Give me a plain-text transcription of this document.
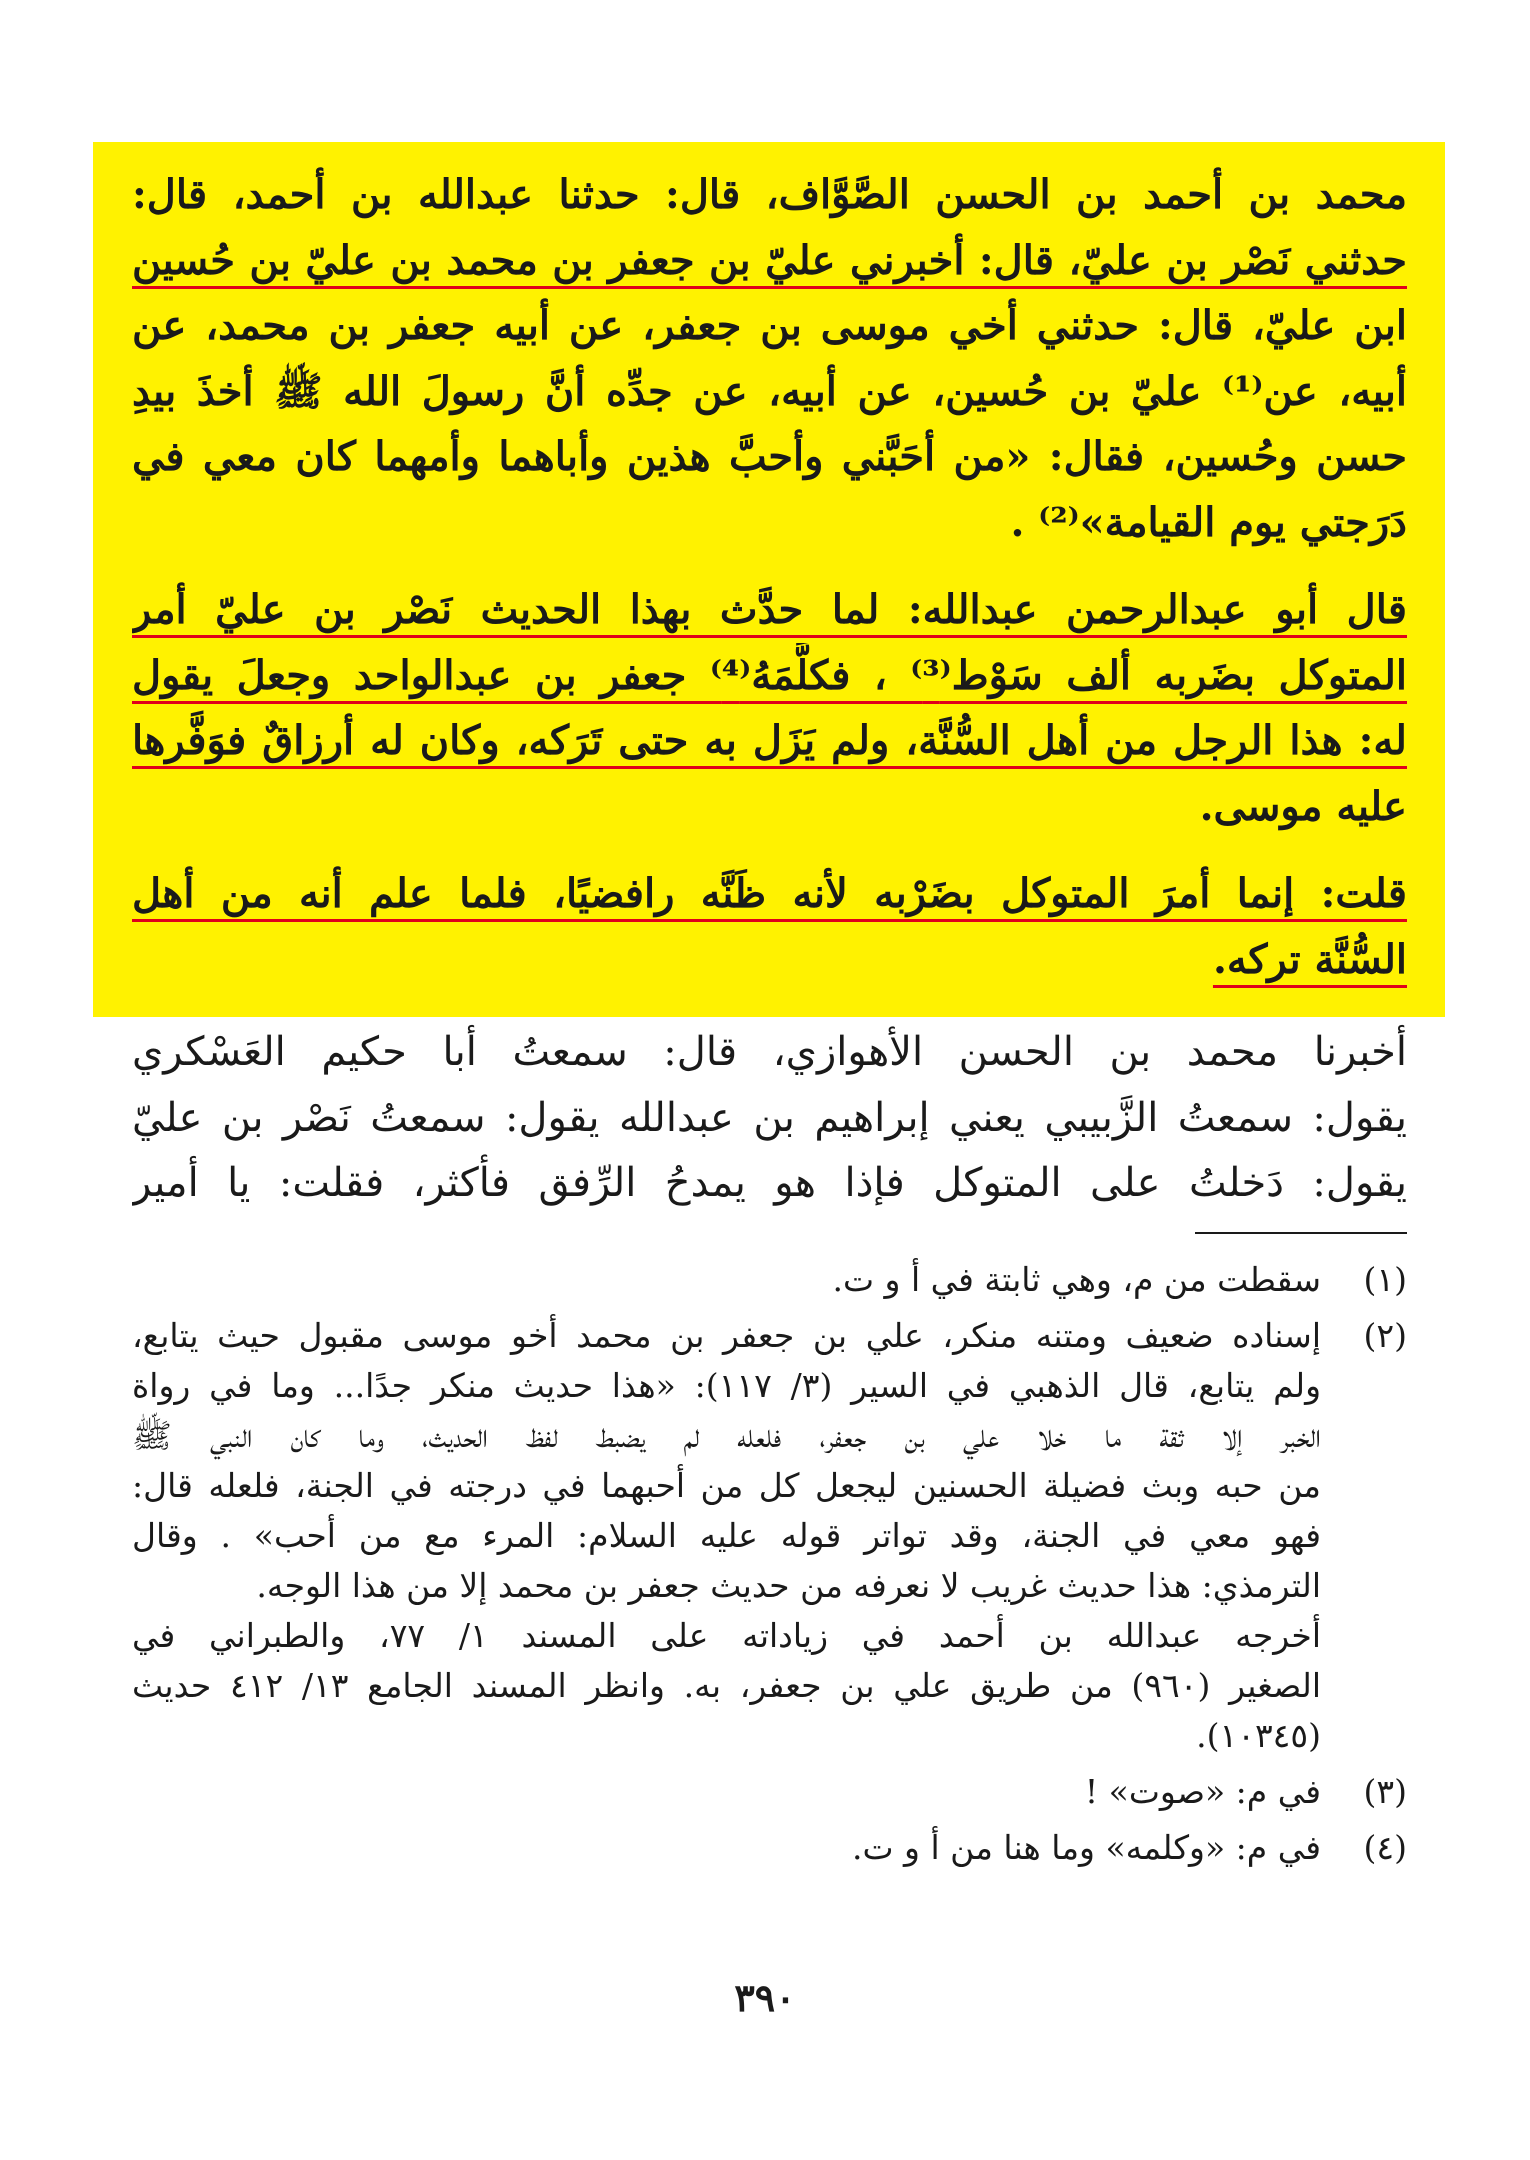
محمد بن أحمد بن الحسن الصَّوَّاف، قال: حدثنا عبدالله بن أحمد، قال:
حدثني نَصْر بن عليّ، قال: أخبرني عليّ بن جعفر بن محمد بن عليّ بن حُسين
ابن عليّ، قال: حدثني أخي موسى بن جعفر، عن أبيه جعفر بن محمد، عن
أبيه، عن⁽¹⁾ عليّ بن حُسين، عن أبيه، عن جدِّه أنَّ رسولَ الله ﷺ أخذَ بيدِ
حسن وحُسين، فقال: «من أحَبَّني وأحبَّ هذين وأباهما وأمهما كان معي في
دَرَجتي يوم القيامة»⁽²⁾ .
قال أبو عبدالرحمن عبدالله: لما حدَّث بهذا الحديث نَصْر بن عليّ أمر
المتوكل بضَربه ألف سَوْط⁽³⁾ ، فكلَّمَهُ⁽⁴⁾ جعفر بن عبدالواحد وجعلَ يقول
له: هذا الرجل من أهل السُّنَّة، ولم يَزَل به حتى تَرَكه، وكان له أرزاقٌ فوَفَّرها
عليه موسى.
قلت: إنما أمرَ المتوكل بضَرْبه لأنه ظَنَّه رافضيًا، فلما علم أنه من أهل
السُّنَّة تركه.
أخبرنا محمد بن الحسن الأهوازي، قال: سمعتُ أبا حكيم العَسْكري
يقول: سمعتُ الزَّبيبي يعني إبراهيم بن عبدالله يقول: سمعتُ نَصْر بن عليّ
يقول: دَخلتُ على المتوكل فإذا هو يمدحُ الرِّفق فأكثر، فقلت: يا أمير
(١)
سقطت من م، وهي ثابتة في أ و ت.
(٢)
إسناده ضعيف ومتنه منكر، علي بن جعفر بن محمد أخو موسى مقبول حيث يتابع،
ولم يتابع، قال الذهبي في السير (٣/ ١١٧): «هذا حديث منكر جدًا... وما في رواة
الخبر إلا ثقة ما خلا علي بن جعفر، فلعله لم يضبط لفظ الحديث، وما كان النبي ﷺ
من حبه وبث فضيلة الحسنين ليجعل كل من أحبهما في درجته في الجنة، فلعله قال:
فهو معي في الجنة، وقد تواتر قوله عليه السلام: المرء مع من أحب» . وقال
الترمذي: هذا حديث غريب لا نعرفه من حديث جعفر بن محمد إلا من هذا الوجه.
أخرجه عبدالله بن أحمد في زياداته على المسند ١/ ٧٧، والطبراني في
الصغير (٩٦٠) من طريق علي بن جعفر، به. وانظر المسند الجامع ١٣/ ٤١٢ حديث
(١٠٣٤٥).
(٣)
في م: «صوت» !
(٤)
في م: «وكلمه» وما هنا من أ و ت.
٣٩٠
